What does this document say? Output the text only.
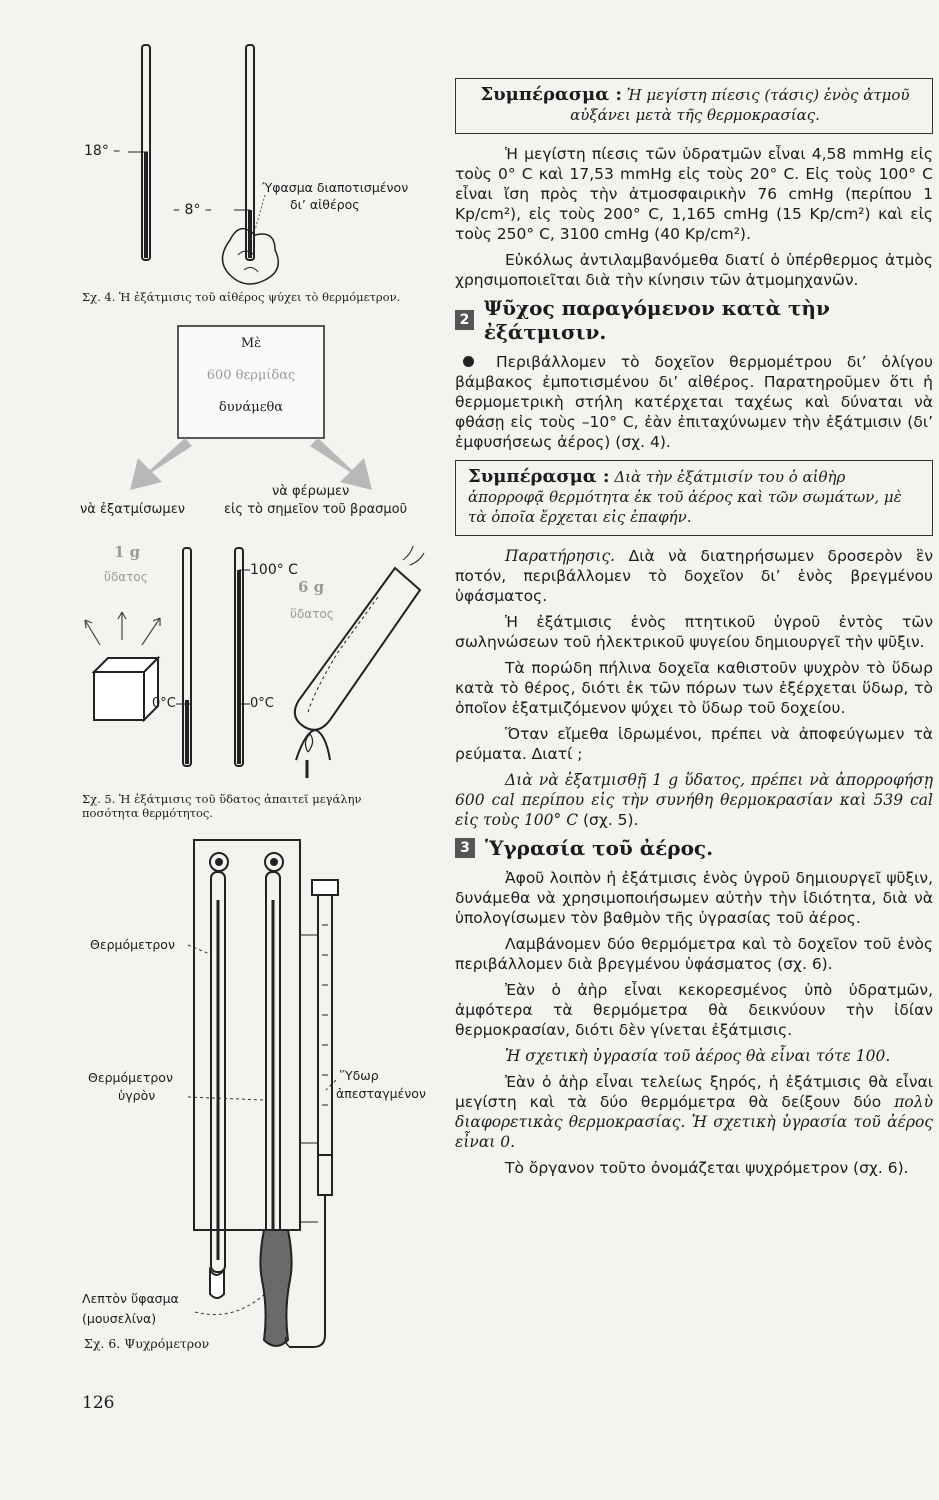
18° –
– 8° –
Ύφασμα διαποτισμένον
δι’ αἰθέρος
Σχ. 4. Ἡ ἐξάτμισις τοῦ αἰθέρος ψύχει τὸ θερμόμετρον.
Μὲ
600 θερμίδας
δυνάμεθα
νὰ ἐξατμίσωμεν
νὰ φέρωμεν
εἰς τὸ σημεῖον τοῦ βρασμοῦ
1 g
ὕδατος
6 g
ὕδατος
100° C
0°C	0°C
Σχ. 5. Ἡ ἐξάτμισις τοῦ ὕδατος ἀπαιτεῖ μεγάλην ποσότητα θερμότητος.
Θερμόμετρον
Θερμόμετρον
ὑγρὸν
Ὕδωρ
ἀπεσταγμένον
Λεπτὸν ὕφασμα
(μουσελίνα)
Σχ. 6. Ψυχρόμετρον
126
Συμπέρασμα : Ἡ μεγίστη πίεσις (τάσις) ἑνὸς ἀτμοῦ αὐξάνει μετὰ τῆς θερμοκρασίας.

Ἡ μεγίστη πίεσις τῶν ὑδρατμῶν εἶναι 4,58 mmHg εἰς τοὺς 0° C καὶ 17,53 mmHg εἰς τοὺς 20° C. Εἰς τοὺς 100° C εἶναι ἴση πρὸς τὴν ἀτμοσφαιρικὴν 76 cmHg (περίπου 1 Kp/cm²), εἰς τοὺς 200° C, 1,165 cmHg (15 Kp/cm²) καὶ εἰς τοὺς 250° C, 3100 cmHg (40 Kp/cm²).

Εὐκόλως ἀντιλαμβανόμεθα διατί ὁ ὑπέρθερμος ἀτμὸς χρησιμοποιεῖται διὰ τὴν κίνησιν τῶν ἀτμομηχανῶν.

2 Ψῦχος παραγόμενον κατὰ τὴν ἐξάτμισιν.

Περιβάλλομεν τὸ δοχεῖον θερμομέτρου δι’ ὀλίγου βάμβακος ἐμποτισμένου δι’ αἰθέρος. Παρατηροῦμεν ὅτι ἡ θερμομετρικὴ στήλη κατέρχεται ταχέως καὶ δύναται νὰ φθάσῃ εἰς τοὺς –10° C, ἐὰν ἐπιταχύνωμεν τὴν ἐξάτμισιν (δι’ ἐμφυσήσεως ἀέρος) (σχ. 4).

Συμπέρασμα : Διὰ τὴν ἐξάτμισίν του ὁ αἰθὴρ ἀπορροφᾷ θερμότητα ἐκ τοῦ ἀέρος καὶ τῶν σωμάτων, μὲ τὰ ὁποῖα ἔρχεται εἰς ἐπαφήν.

Παρατήρησις. Διὰ νὰ διατηρήσωμεν δροσερὸν ἓν ποτόν, περιβάλλομεν τὸ δοχεῖον δι’ ἑνὸς βρεγμένου ὑφάσματος.

Ἡ ἐξάτμισις ἑνὸς πτητικοῦ ὑγροῦ ἐντὸς τῶν σωληνώσεων τοῦ ἠλεκτρικοῦ ψυγείου δημιουργεῖ τὴν ψῦξιν.

Τὰ πορώδη πήλινα δοχεῖα καθιστοῦν ψυχρὸν τὸ ὕδωρ κατὰ τὸ θέρος, διότι ἐκ τῶν πόρων των ἐξέρχεται ὕδωρ, τὸ ὁποῖον ἐξατμιζόμενον ψύχει τὸ ὕδωρ τοῦ δοχείου.

Ὅταν εἴμεθα ἱδρωμένοι, πρέπει νὰ ἀποφεύγωμεν τὰ ρεύματα. Διατί ;

Διὰ νὰ ἐξατμισθῇ 1 g ὕδατος, πρέπει νὰ ἀπορροφήσῃ 600 cal περίπου εἰς τὴν συνήθη θερμοκρασίαν καὶ 539 cal εἰς τοὺς 100° C (σχ. 5).

3 Ὑγρασία τοῦ ἀέρος.

Ἀφοῦ λοιπὸν ἡ ἐξάτμισις ἑνὸς ὑγροῦ δημιουργεῖ ψῦξιν, δυνάμεθα νὰ χρησιμοποιήσωμεν αὐτὴν τὴν ἰδιότητα, διὰ νὰ ὑπολογίσωμεν τὸν βαθμὸν τῆς ὑγρασίας τοῦ ἀέρος.

Λαμβάνομεν δύο θερμόμετρα καὶ τὸ δοχεῖον τοῦ ἑνὸς περιβάλλομεν διὰ βρεγμένου ὑφάσματος (σχ. 6).

Ἐὰν ὁ ἀὴρ εἶναι κεκορεσμένος ὑπὸ ὑδρατμῶν, ἀμφότερα τὰ θερμόμετρα θὰ δεικνύουν τὴν ἰδίαν θερμοκρασίαν, διότι δὲν γίνεται ἐξάτμισις.

Ἡ σχετικὴ ὑγρασία τοῦ ἀέρος θὰ εἶναι τότε 100.

Ἐὰν ὁ ἀὴρ εἶναι τελείως ξηρός, ἡ ἐξάτμισις θὰ εἶναι μεγίστη καὶ τὰ δύο θερμόμετρα θὰ δείξουν δύο πολὺ διαφορετικὰς θερμοκρασίας. Ἡ σχετικὴ ὑγρασία τοῦ ἀέρος εἶναι 0.

Τὸ ὄργανον τοῦτο ὀνομάζεται ψυχρόμετρον (σχ. 6).
